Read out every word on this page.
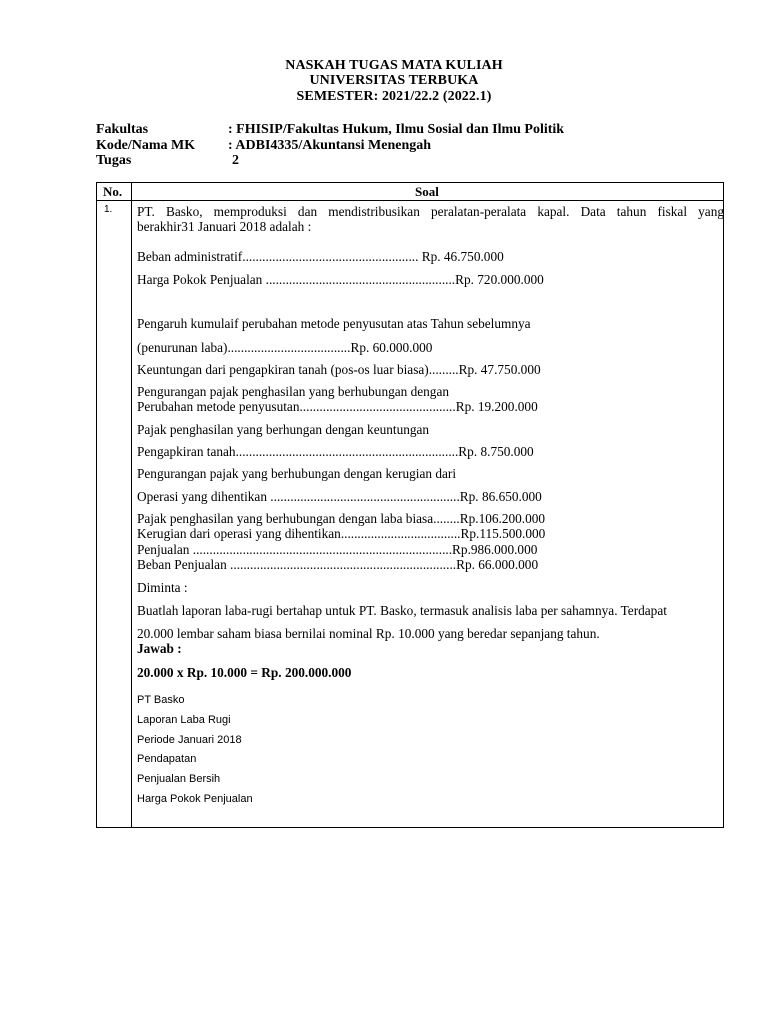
NASKAH TUGAS MATA KULIAH
UNIVERSITAS TERBUKA
SEMESTER: 2021/22.2 (2022.1)
Fakultas	: FHISIP/Fakultas Hukum, Ilmu Sosial dan Ilmu Politik
Kode/Nama MK : ADBI4335/Akuntansi Menengah
Tugas	2
No.	Soal
1. PT. Basko, memproduksi dan mendistribusikan peralatan-peralata kapal. Data tahun fiskal yang
berakhir31 Januari 2018 adalah :
Beban administratif..................................................... Rp. 46.750.000
Harga Pokok Penjualan .........................................................Rp. 720.000.000
Pengaruh kumulaif perubahan metode penyusutan atas Tahun sebelumnya
(penurunan laba).....................................Rp. 60.000.000
Keuntungan dari pengapkiran tanah (pos-os luar biasa).........Rp. 47.750.000
Pengurangan pajak penghasilan yang berhubungan dengan
Perubahan metode penyusutan...............................................Rp. 19.200.000
Pajak penghasilan yang berhungan dengan keuntungan
Pengapkiran tanah...................................................................Rp. 8.750.000
Pengurangan pajak yang berhubungan dengan kerugian dari
Operasi yang dihentikan .........................................................Rp. 86.650.000
Pajak penghasilan yang berhubungan dengan laba biasa........Rp.106.200.000
Kerugian dari operasi yang dihentikan....................................Rp.115.500.000
Penjualan ..............................................................................Rp.986.000.000
Beban Penjualan ....................................................................Rp. 66.000.000
Diminta :
Buatlah laporan laba-rugi bertahap untuk PT. Basko, termasuk analisis laba per sahamnya. Terdapat
20.000 lembar saham biasa bernilai nominal Rp. 10.000 yang beredar sepanjang tahun.
Jawab :
20.000 x Rp. 10.000 = Rp. 200.000.000
PT Basko
Laporan Laba Rugi
Periode Januari 2018
Pendapatan
Penjualan Bersih
Harga Pokok Penjualan
